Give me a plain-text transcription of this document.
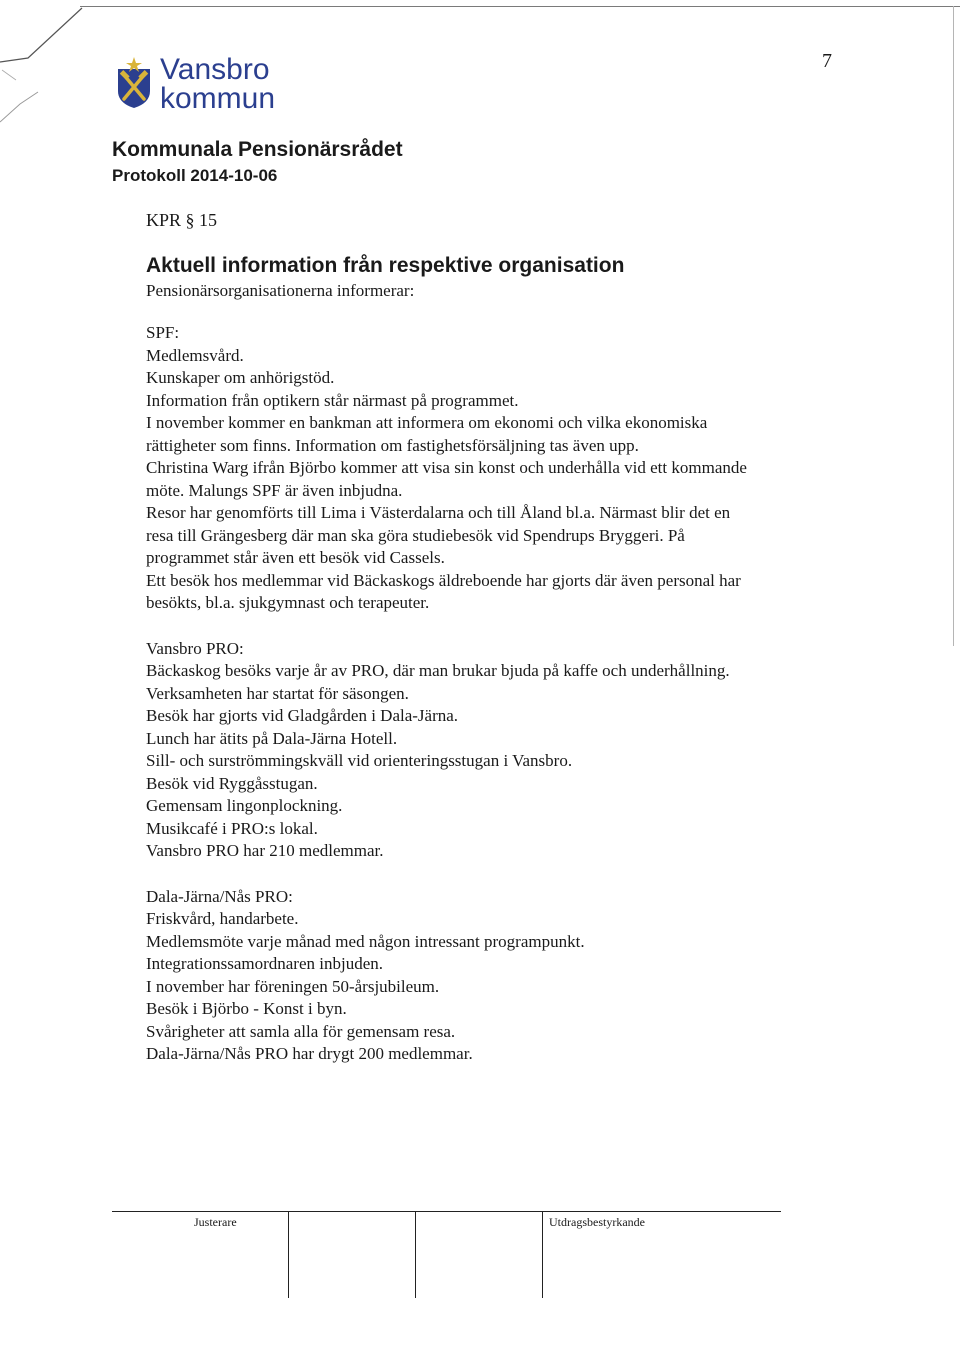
Vansbro
kommun
7
Kommunala Pensionärsrådet
Protokoll 2014-10-06

KPR § 15

Aktuell information från respektive organisation

Pensionärsorganisationerna informerar:

SPF:

Medlemsvård.

Kunskaper om anhörigstöd.

Information från optikern står närmast på programmet.

I november kommer en bankman att informera om ekonomi och vilka ekonomiska

rättigheter som finns. Information om fastighetsförsäljning tas även upp.

Christina Warg ifrån Björbo kommer att visa sin konst och underhålla vid ett kommande

möte. Malungs SPF är även inbjudna.

Resor har genomförts till Lima i Västerdalarna och till Åland bl.a. Närmast blir det en

resa till Grängesberg där man ska göra studiebesök vid Spendrups Bryggeri. På

programmet står även ett besök vid Cassels.

Ett besök hos medlemmar vid Bäckaskogs äldreboende har gjorts där även personal har

besökts, bl.a. sjukgymnast och terapeuter.

Vansbro PRO:

Bäckaskog besöks varje år av PRO, där man brukar bjuda på kaffe och underhållning.

Verksamheten har startat för säsongen.

Besök har gjorts vid Gladgården i Dala-Järna.

Lunch har ätits på Dala-Järna Hotell.

Sill- och surströmmingskväll vid orienteringsstugan i Vansbro.

Besök vid Ryggåsstugan.

Gemensam lingonplockning.

Musikcafé i PRO:s lokal.

Vansbro PRO har 210 medlemmar.

Dala-Järna/Nås PRO:

Friskvård, handarbete.

Medlemsmöte varje månad med någon intressant programpunkt.

Integrationssamordnaren inbjuden.

I november har föreningen 50-årsjubileum.

Besök i Björbo - Konst i byn.

Svårigheter att samla alla för gemensam resa.

Dala-Järna/Nås PRO har drygt 200 medlemmar.

Justerare			Utdragsbestyrkande
